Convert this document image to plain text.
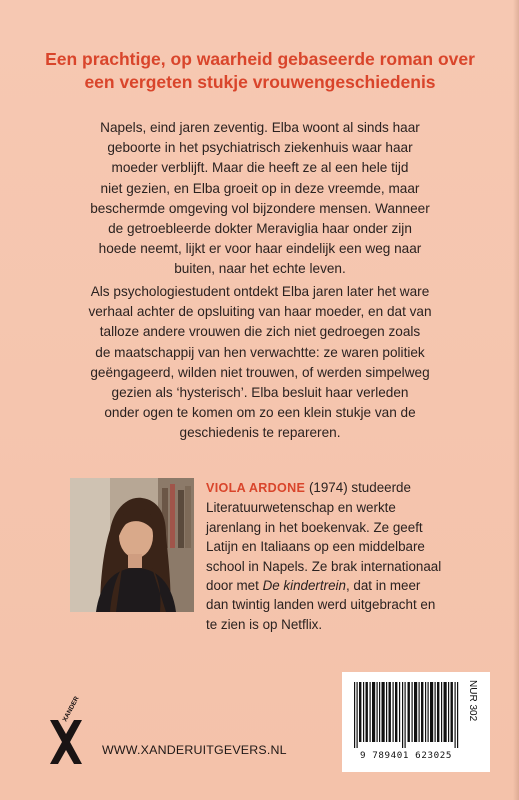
Een prachtige, op waarheid gebaseerde roman over
een vergeten stukje vrouwengeschiedenis

Napels, eind jaren zeventig. Elba woont al sinds haar
geboorte in het psychiatrisch ziekenhuis waar haar
moeder verblijft. Maar die heeft ze al een hele tijd
niet gezien, en Elba groeit op in deze vreemde, maar
beschermde omgeving vol bijzondere mensen. Wanneer
de getroebleerde dokter Meraviglia haar onder zijn
hoede neemt, lijkt er voor haar eindelijk een weg naar
buiten, naar het echte leven.

Als psychologiestudent ontdekt Elba jaren later het ware
verhaal achter de opsluiting van haar moeder, en dat van
talloze andere vrouwen die zich niet gedroegen zoals
de maatschappij van hen verwachtte: ze waren politiek
geëngageerd, wilden niet trouwen, of werden simpelweg
gezien als ‘hysterisch’. Elba besluit haar verleden
onder ogen te komen om zo een klein stukje van de
geschiedenis te repareren.

VIOLA ARDONE (1974) studeerde
Literatuurwetenschap en werkte
jarenlang in het boekenvak. Ze geeft
Latijn en Italiaans op een middelbare
school in Napels. Ze brak internationaal
door met De kindertrein, dat in meer
dan twintig landen werd uitgebracht en
te zien is op Netflix.

XANDER
WWW.XANDERUITGEVERS.NL	9 789401 623025
NUR 302
